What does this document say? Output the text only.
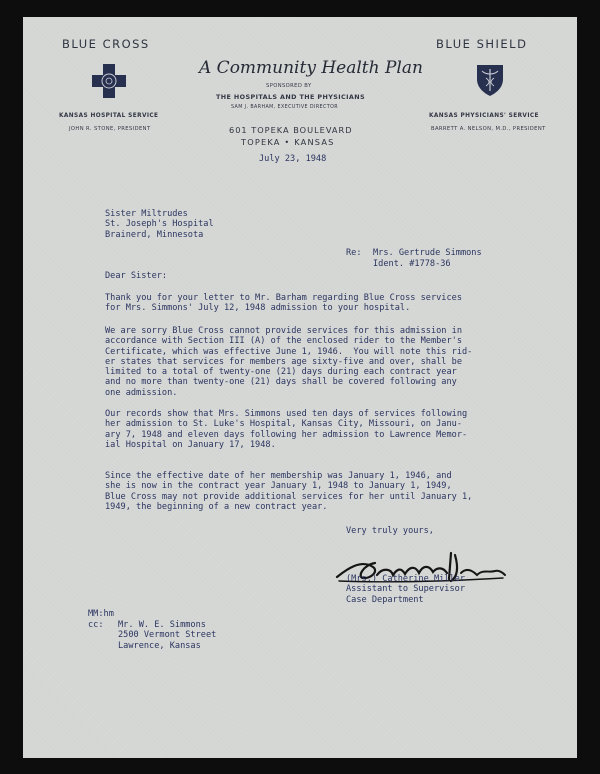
BLUE CROSS
KANSAS HOSPITAL SERVICE
JOHN R. STONE, PRESIDENT
A Community Health Plan
SPONSORED BY
THE HOSPITALS AND THE PHYSICIANS
SAM J. BARHAM, EXECUTIVE DIRECTOR
601 TOPEKA BOULEVARD
TOPEKA • KANSAS
BLUE SHIELD
KANSAS PHYSICIANS' SERVICE
BARRETT A. NELSON, M.D., PRESIDENT
July 23, 1948
Sister Miltrudes
St. Joseph's Hospital
Brainerd, Minnesota
Re: Mrs. Gertrude Simmons
Ident. #1778-36
Dear Sister:
Thank you for your letter to Mr. Barham regarding Blue Cross services
for Mrs. Simmons' July 12, 1948 admission to your hospital.
We are sorry Blue Cross cannot provide services for this admission in
accordance with Section III (A) of the enclosed rider to the Member's
Certificate, which was effective June 1, 1946.  You will note this rid-
er states that services for members age sixty-five and over, shall be
limited to a total of twenty-one (21) days during each contract year
and no more than twenty-one (21) days shall be covered following any
one admission.
Our records show that Mrs. Simmons used ten days of services following
her admission to St. Luke's Hospital, Kansas City, Missouri, on Janu-
ary 7, 1948 and eleven days following her admission to Lawrence Memor-
ial Hospital on January 17, 1948.
Since the effective date of her membership was January 1, 1946, and
she is now in the contract year January 1, 1948 to January 1, 1949,
Blue Cross may not provide additional services for her until January 1,
1949, the beginning of a new contract year.
Very truly yours,
(Mrs.) Catherine Miller
Assistant to Supervisor
Case Department
MM:hm
cc: Mr. W. E. Simmons
2500 Vermont Street
Lawrence, Kansas
